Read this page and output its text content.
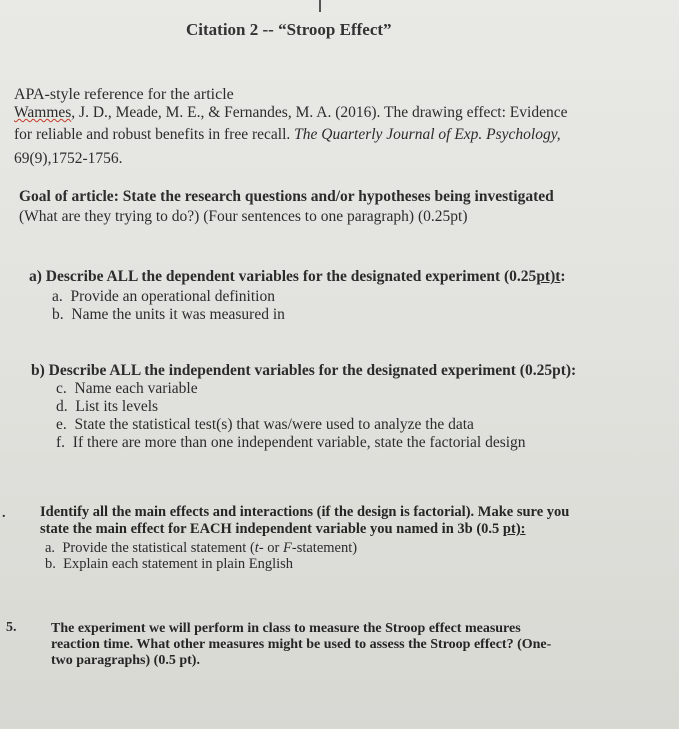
Citation 2 -- “Stroop Effect”
APA-style reference for the article
Wammes, J. D., Meade, M. E., & Fernandes, M. A. (2016). The drawing effect: Evidence
for reliable and robust benefits in free recall. The Quarterly Journal of Exp. Psychology,
69(9),1752-1756.
Goal of article: State the research questions and/or hypotheses being investigated
(What are they trying to do?) (Four sentences to one paragraph) (0.25pt)
a) Describe ALL the dependent variables for the designated experiment (0.25pt)t:
a. Provide an operational definition
b. Name the units it was measured in
b) Describe ALL the independent variables for the designated experiment (0.25pt):
c. Name each variable
d. List its levels
e. State the statistical test(s) that was/were used to analyze the data
f. If there are more than one independent variable, state the factorial design
. Identify all the main effects and interactions (if the design is factorial). Make sure you
state the main effect for EACH independent variable you named in 3b (0.5 pt):
a. Provide the statistical statement (t- or F-statement)
b. Explain each statement in plain English
5. The experiment we will perform in class to measure the Stroop effect measures
reaction time. What other measures might be used to assess the Stroop effect? (One-
two paragraphs) (0.5 pt).
